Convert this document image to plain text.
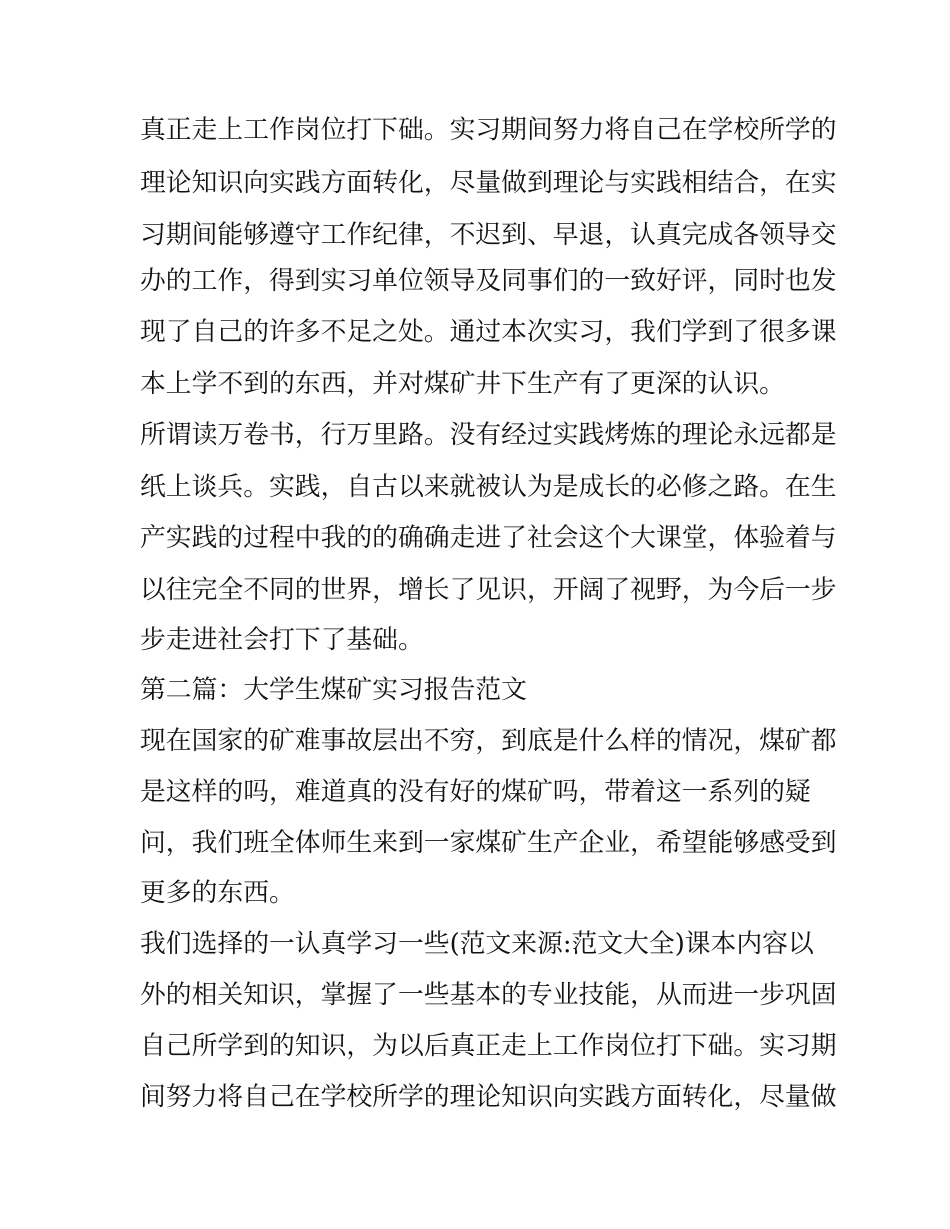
真正走上工作岗位打下础。实习期间努力将自己在学校所学的
理论知识向实践方面转化，尽量做到理论与实践相结合，在实
习期间能够遵守工作纪律，不迟到、早退，认真完成各领导交
办的工作，得到实习单位领导及同事们的一致好评，同时也发
现了自己的许多不足之处。通过本次实习，我们学到了很多课
本上学不到的东西，并对煤矿井下生产有了更深的认识。
所谓读万卷书，行万里路。没有经过实践烤炼的理论永远都是
纸上谈兵。实践，自古以来就被认为是成长的必修之路。在生
产实践的过程中我的的确确走进了社会这个大课堂，体验着与
以往完全不同的世界，增长了见识，开阔了视野，为今后一步
步走进社会打下了基础。
第二篇：大学生煤矿实习报告范文
现在国家的矿难事故层出不穷，到底是什么样的情况，煤矿都
是这样的吗，难道真的没有好的煤矿吗，带着这一系列的疑
问，我们班全体师生来到一家煤矿生产企业，希望能够感受到
更多的东西。
我们选择的一认真学习一些(范文来源:范文大全)课本内容以
外的相关知识，掌握了一些基本的专业技能，从而进一步巩固
自己所学到的知识，为以后真正走上工作岗位打下础。实习期
间努力将自己在学校所学的理论知识向实践方面转化，尽量做
